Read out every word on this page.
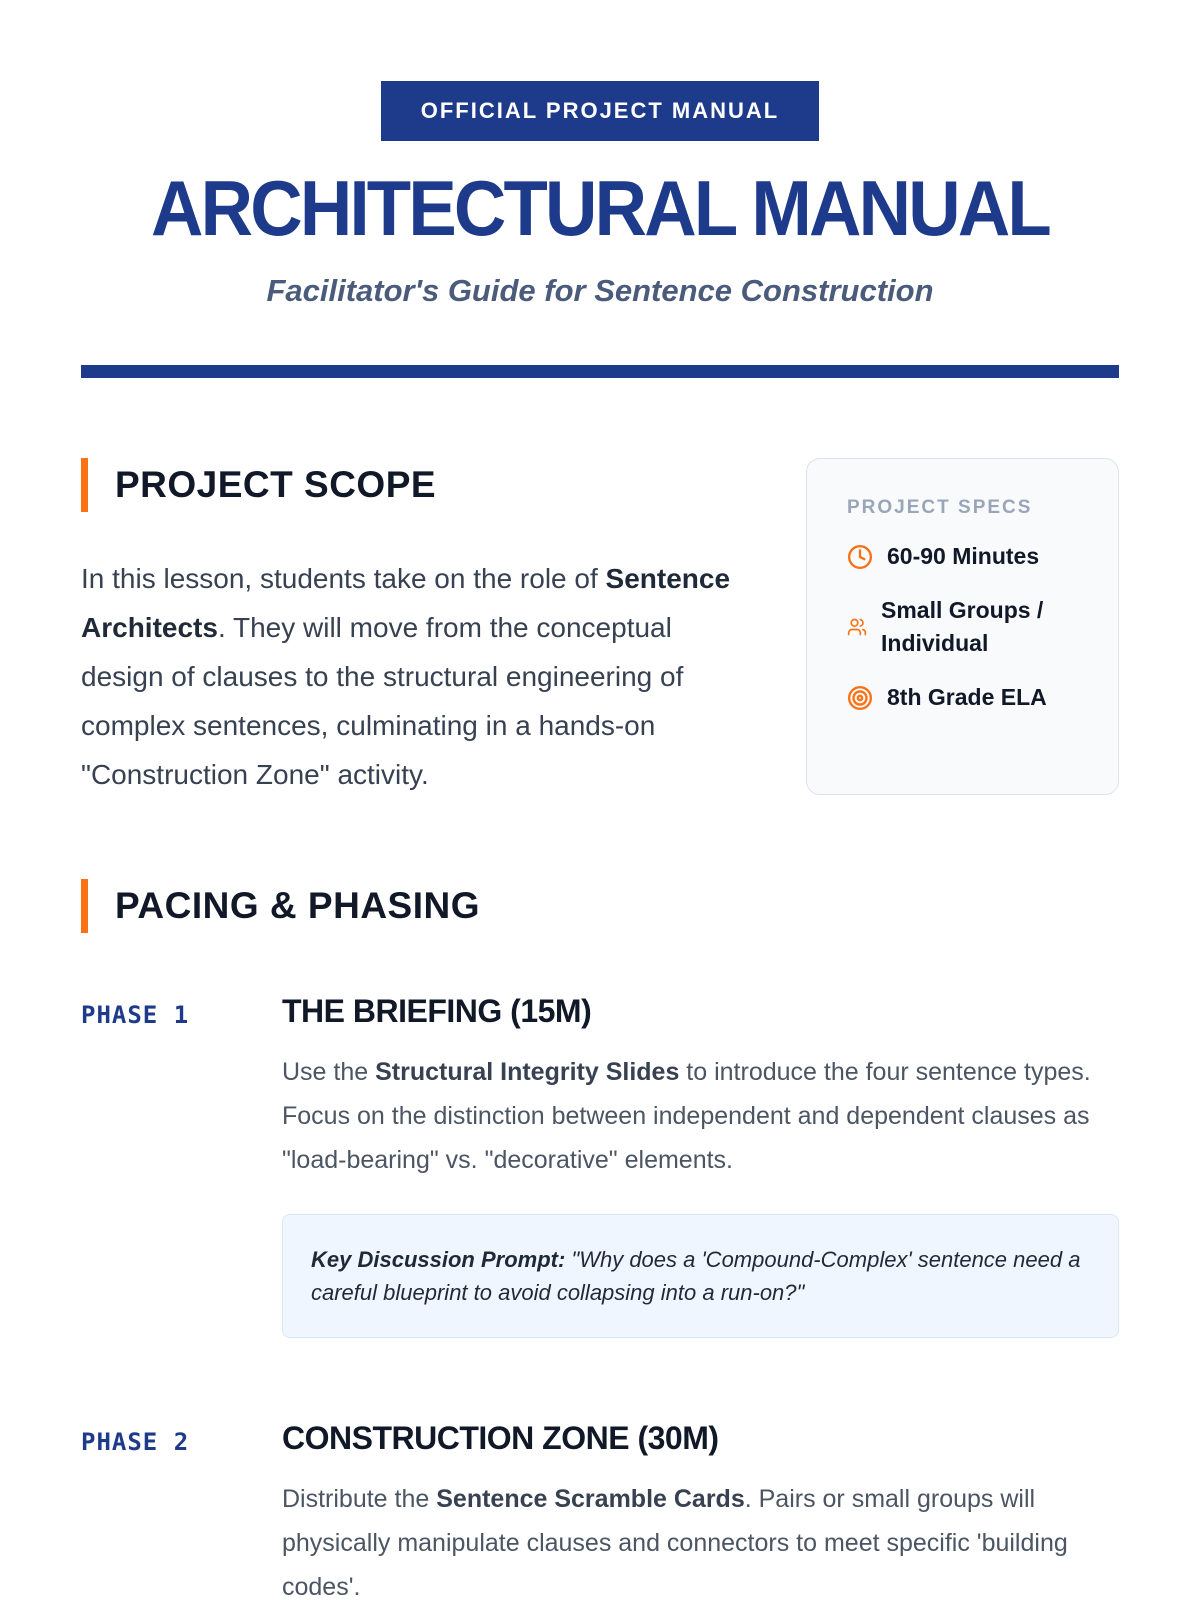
OFFICIAL PROJECT MANUAL
ARCHITECTURAL MANUAL
Facilitator's Guide for Sentence Construction
PROJECT SCOPE

In this lesson, students take on the role of Sentence Architects. They will move from the conceptual design of clauses to the structural engineering of complex sentences, culminating in a hands-on "Construction Zone" activity.

PROJECT SPECS
60-90 Minutes
Small Groups / Individual
8th Grade ELA
PACING & PHASING
PHASE 1	THE BRIEFING (15M)

Use the Structural Integrity Slides to introduce the four sentence types. Focus on the distinction between independent and dependent clauses as "load-bearing" vs. "decorative" elements.

Key Discussion Prompt: "Why does a 'Compound-Complex' sentence need a careful blueprint to avoid collapsing into a run-on?"
PHASE 2	CONSTRUCTION ZONE (30M)

Distribute the Sentence Scramble Cards. Pairs or small groups will physically manipulate clauses and connectors to meet specific 'building codes'.
